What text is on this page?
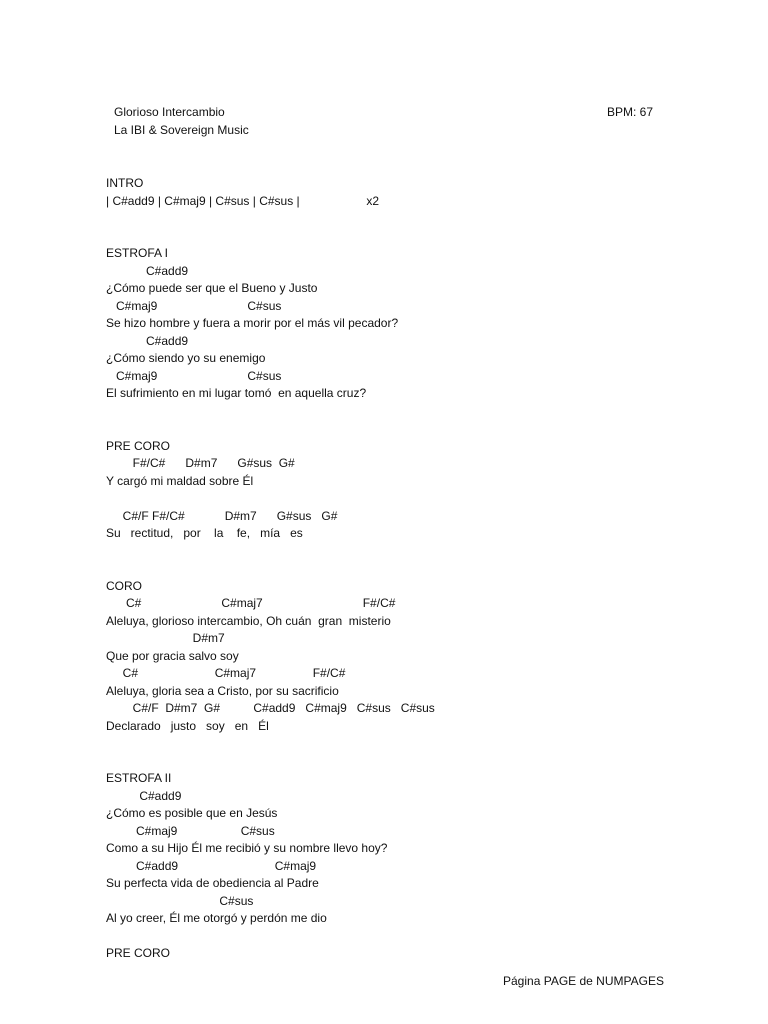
Glorioso Intercambio
La IBI & Sovereign Music
BPM: 67
INTRO
| C#add9 | C#maj9 | C#sus | C#sus |                    x2
ESTROFA I
C#add9
¿Cómo puede ser que el Bueno y Justo
C#maj9                           C#sus
Se hizo hombre y fuera a morir por el más vil pecador?
C#add9
¿Cómo siendo yo su enemigo
C#maj9                           C#sus
El sufrimiento en mi lugar tomó  en aquella cruz?
PRE CORO
F#/C#      D#m7      G#sus  G#
Y cargó mi maldad sobre Él
C#/F F#/C#            D#m7      G#sus   G#
Su   rectitud,   por    la    fe,   mía   es
CORO
C#                        C#maj7                              F#/C#
Aleluya, glorioso intercambio, Oh cuán  gran  misterio
D#m7
Que por gracia salvo soy
C#                       C#maj7                 F#/C#
Aleluya, gloria sea a Cristo, por su sacrificio
C#/F  D#m7  G#          C#add9   C#maj9   C#sus   C#sus
Declarado   justo   soy   en   Él
ESTROFA II
C#add9
¿Cómo es posible que en Jesús
C#maj9                   C#sus
Como a su Hijo Él me recibió y su nombre llevo hoy?
C#add9                             C#maj9
Su perfecta vida de obediencia al Padre
C#sus
Al yo creer, Él me otorgó y perdón me dio
PRE CORO
Página PAGE de NUMPAGES
